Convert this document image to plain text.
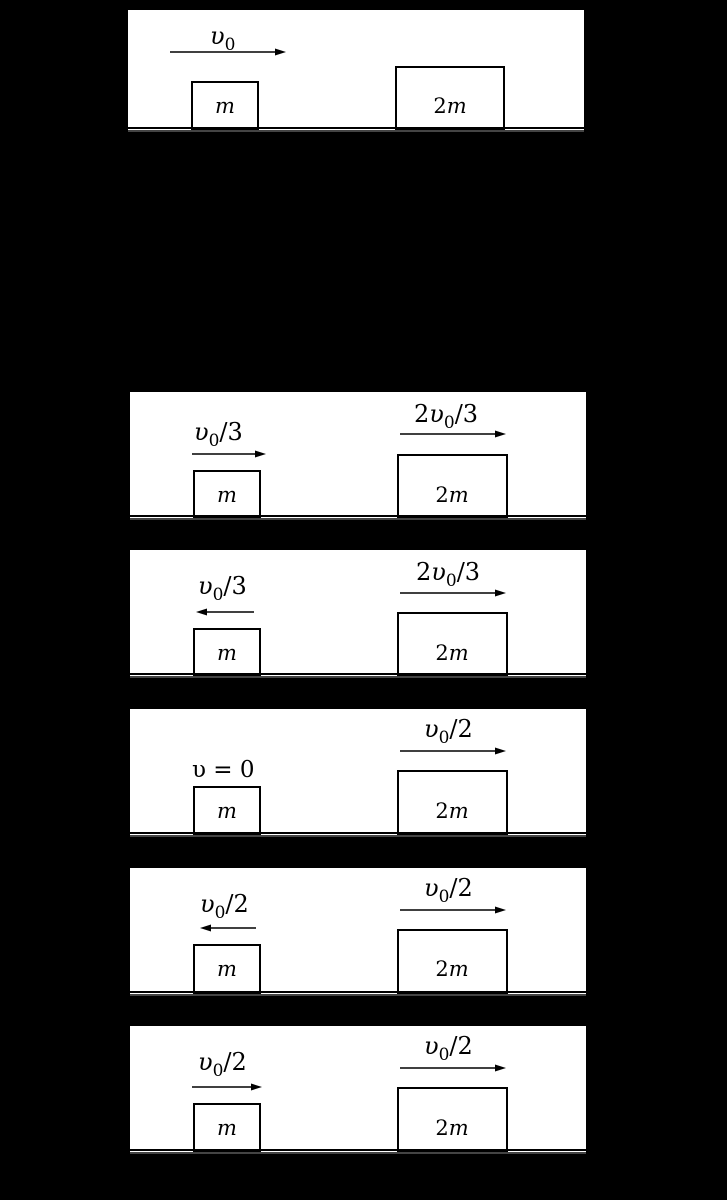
$\upsilon_0$
m	2m
$\upsilon_0/3$
m
$2\upsilon_0/3$
2m
$\upsilon_0/3$
m
$2\upsilon_0/3$
2m
υ = 0
m
$\upsilon_0/2$
2m
$\upsilon_0/2$
m
$\upsilon_0/2$
2m
$\upsilon_0/2$
m
$\upsilon_0/2$
2m
